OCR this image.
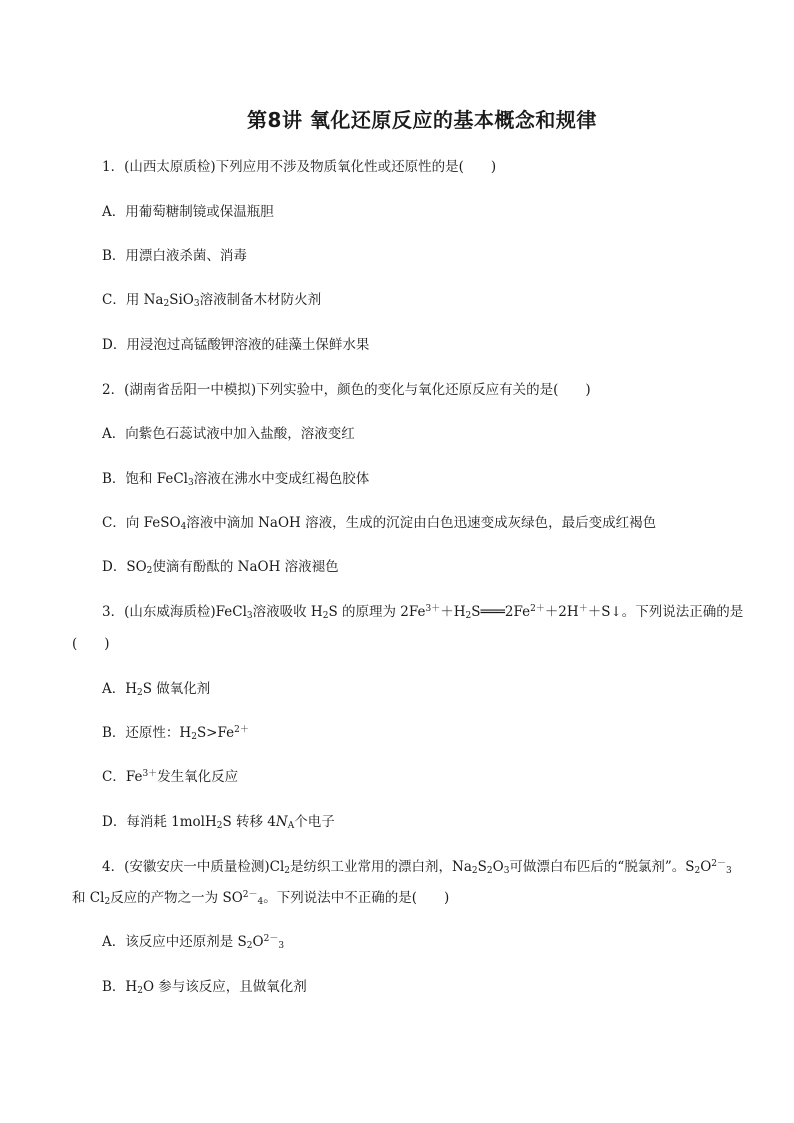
第8讲 氧化还原反应的基本概念和规律
1．(山西太原质检)下列应用不涉及物质氧化性或还原性的是(　　)
A．用葡萄糖制镜或保温瓶胆
B．用漂白液杀菌、消毒
C．用 $Na_2SiO_3$溶液制备木材防火剂
D．用浸泡过高锰酸钾溶液的硅藻土保鲜水果
2．(湖南省岳阳一中模拟)下列实验中，颜色的变化与氧化还原反应有关的是(　　)
A．向紫色石蕊试液中加入盐酸，溶液变红
B．饱和 FeCl$_3$溶液在沸水中变成红褐色胶体
C．向 FeSO$_4$溶液中滴加 NaOH 溶液，生成的沉淀由白色迅速变成灰绿色，最后变成红褐色
D．$SO_2$使滴有酚酞的 NaOH 溶液褪色
3．(山东威海质检)FeCl$_3$溶液吸收 $H_2S$ 的原理为 $2Fe^{3+}+H_2S═══2Fe^{2+}+2H^++S↓$。下列说法正确的是
(　　)
A．$H_2S$ 做氧化剂
B．还原性：$H_2S>Fe^{2+}$
C．$Fe^{3+}$发生氧化反应
D．每消耗 1molH$_2$S 转移 $4N_A$个电子
4．(安徽安庆一中质量检测)$Cl_2$是纺织工业常用的漂白剂，$Na_2S_2O_3$可做漂白布匹后的“脱氯剂”。$S_2O^{2-}_3$
和 $Cl_2$反应的产物之一为 $SO^{2-}_4$。下列说法中不正确的是(　　)
A．该反应中还原剂是 $S_2O^{2-}_3$
B．$H_2O$ 参与该反应，且做氧化剂
